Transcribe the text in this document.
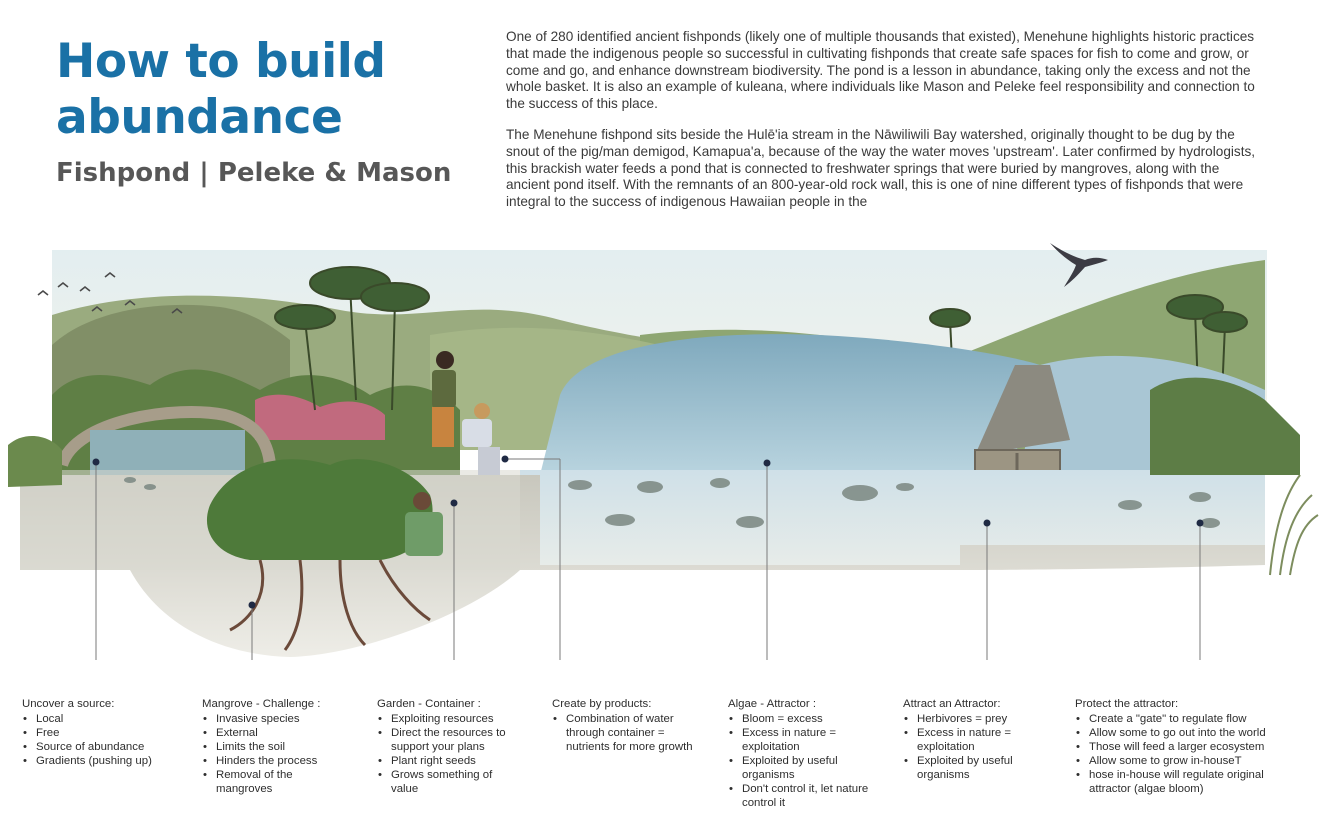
How to build abundance
Fishpond | Peleke & Mason

One of 280 identified ancient fishponds (likely one of multiple thousands that existed), Menehune highlights historic practices that made the indigenous people so successful in cultivating fishponds that create safe spaces for fish to come and grow, or come and go, and enhance downstream biodiversity. The pond is a lesson in abundance, taking only the excess and not the whole basket. It is also an example of kuleana, where individuals like Mason and Peleke feel responsibility and connection to the success of this place.

The Menehune fishpond sits beside the Hulē'ia stream in the Nāwiliwili Bay watershed, originally thought to be dug by the snout of the pig/man demigod, Kamapua'a, because of the way the water moves 'upstream'. Later confirmed by hydrologists, this brackish water feeds a pond that is connected to freshwater springs that were buried by mangroves, along with the ancient pond itself. With the remnants of an 800-year-old rock wall, this is one of nine different types of fishponds that were integral to the success of indigenous Hawaiian people in the

Uncover a source:
• Local
• Free
• Source of abundance
• Gradients (pushing up)
Mangrove - Challenge :
• Invasive species
• External
• Limits the soil
• Hinders the process
• Removal of the mangroves
Garden - Container :
• Exploiting resources
• Direct the resources to support your plans
• Plant right seeds
• Grows something of value
Create by products:
• Combination of water through container = nutrients for more growth
Algae - Attractor :
• Bloom = excess
• Excess in nature = exploitation
• Exploited by useful organisms
• Don't control it, let nature control it
Attract an Attractor:
• Herbivores = prey
• Excess in nature = exploitation
• Exploited by useful organisms
Protect the attractor:
• Create a "gate" to regulate flow
• Allow some to go out into the world
• Those will feed a larger ecosystem
• Allow some to grow in-houseT
• hose in-house will regulate original attractor (algae bloom)
